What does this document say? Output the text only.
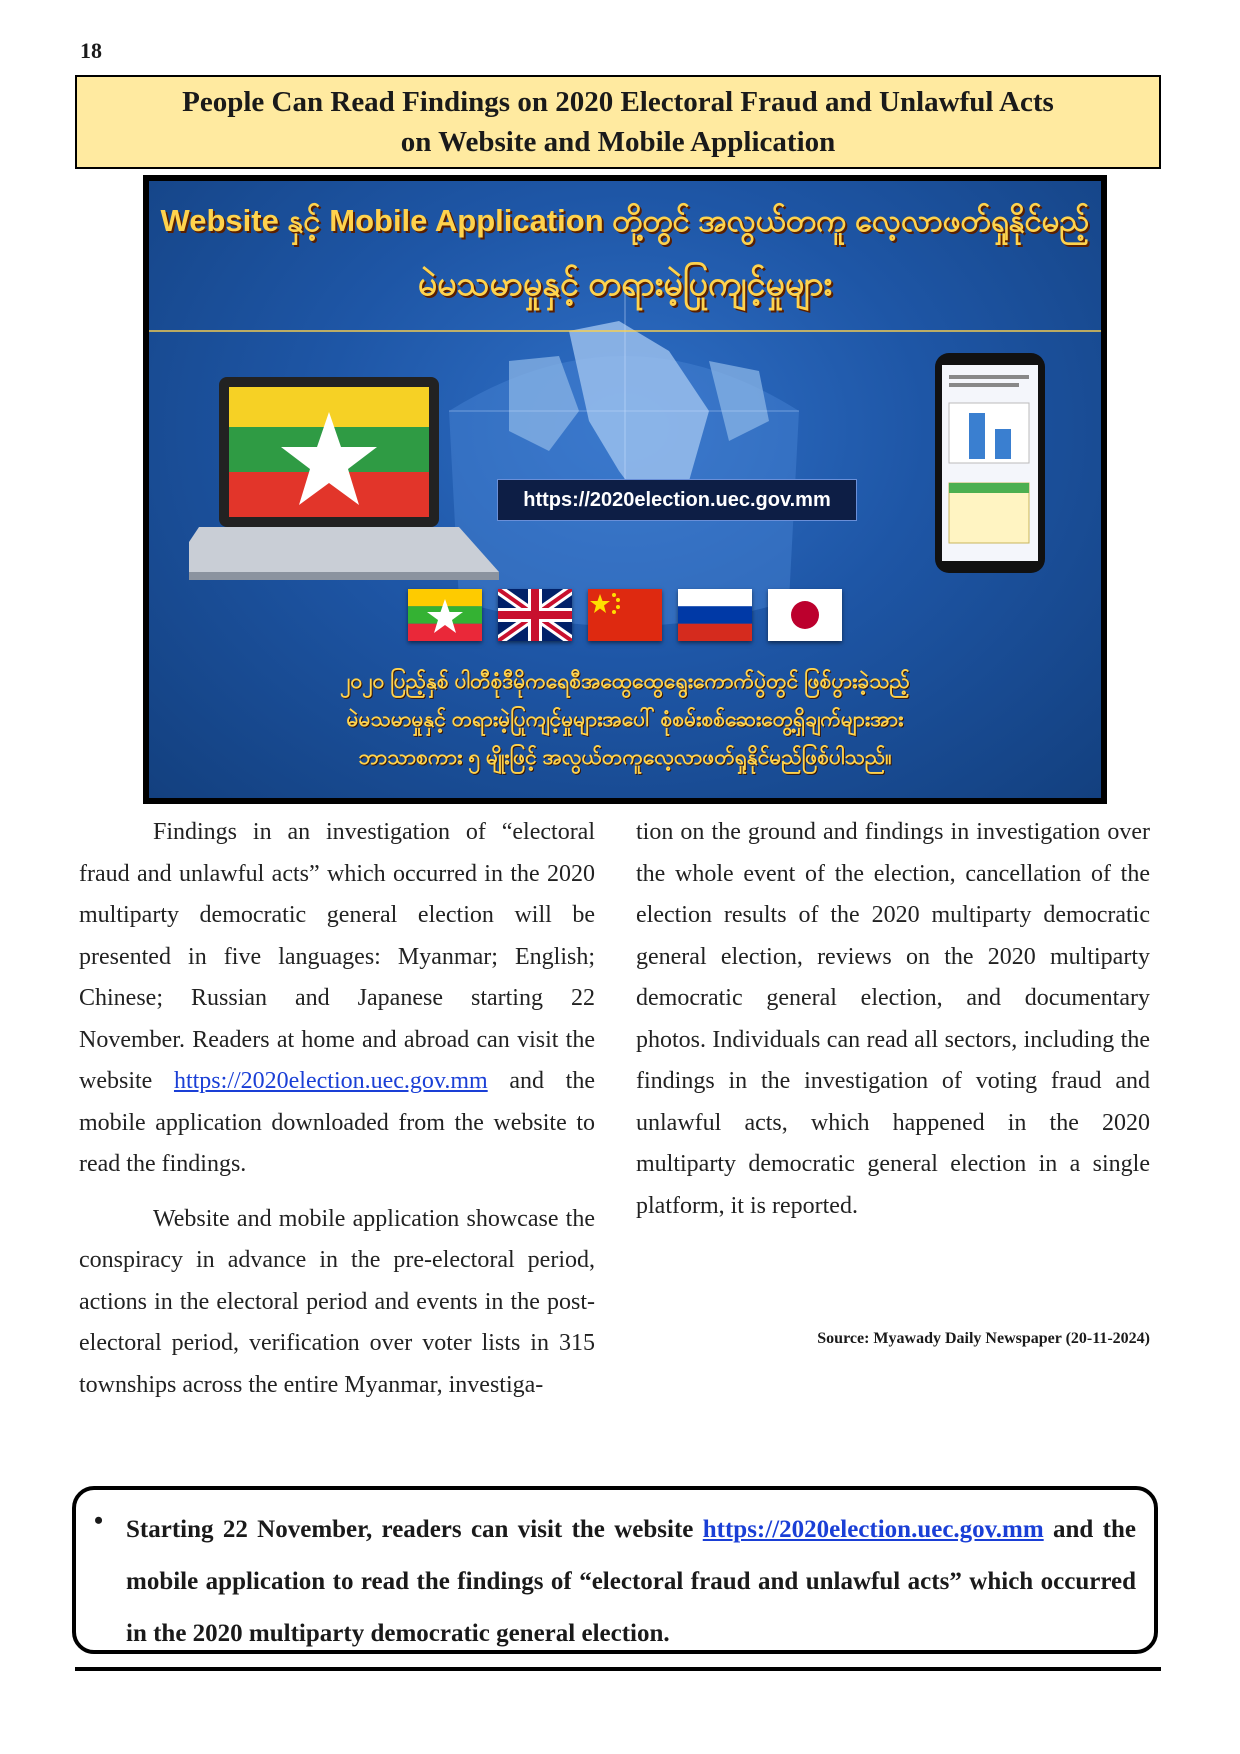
18
People Can Read Findings on 2020 Electoral Fraud and Unlawful Acts
on Website and Mobile Application
Website နှင့် Mobile Application တို့တွင် အလွယ်တကူ လေ့လာဖတ်ရှုနိုင်မည့်
မဲမသမာမှုနှင့် တရားမဲ့ပြုကျင့်မှုများ
https://2020election.uec.gov.mm
၂၀၂၀ ပြည့်နှစ် ပါတီစုံဒီမိုကရေစီအထွေထွေရွေးကောက်ပွဲတွင် ဖြစ်ပွားခဲ့သည့်
မဲမသမာမှုနှင့် တရားမဲ့ပြုကျင့်မှုများအပေါ် စုံစမ်းစစ်ဆေးတွေ့ရှိချက်များအား
ဘာသာစကား ၅ မျိုးဖြင့် အလွယ်တကူလေ့လာဖတ်ရှုနိုင်မည်ဖြစ်ပါသည်။

Findings in an investigation of “electoral fraud and unlawful acts” which occurred in the 2020 multiparty democratic general election will be presented in five languages: Myanmar; English; Chinese; Russian and Japanese starting 22 November. Readers at home and abroad can visit the website https://2020election.uec.gov.mm and the mobile application downloaded from the website to read the findings.

Website and mobile application showcase the conspiracy in advance in the pre-electoral period, actions in the electoral period and events in the post-electoral period, verification over voter lists in 315 townships across the entire Myanmar, investiga-

tion on the ground and findings in investigation over the whole event of the election, cancellation of the election results of the 2020 multiparty democratic general election, reviews on the 2020 multiparty democratic general election, and documentary photos. Individuals can read all sectors, including the findings in the investigation of voting fraud and unlawful acts, which happened in the 2020 multiparty democratic general election in a single platform, it is reported.

Source: Myawady Daily Newspaper (20-11-2024)
• Starting 22 November, readers can visit the website https://2020election.uec.gov.mm and the mobile application to read the findings of “electoral fraud and unlawful acts” which occurred in the 2020 multiparty democratic general election.
